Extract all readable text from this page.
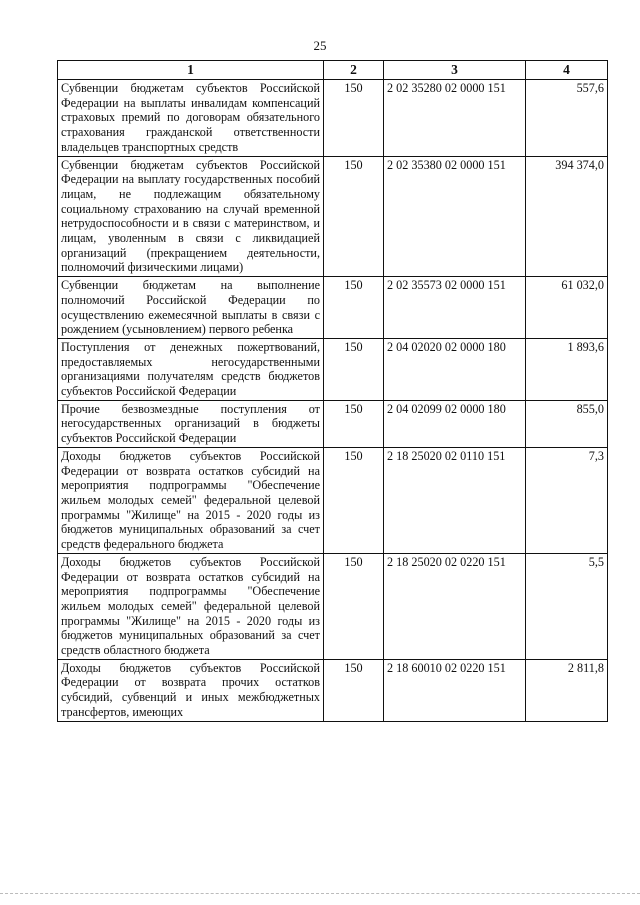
25
1	2	3	4
Субвенции бюджетам субъектов Российской Федерации на выплаты инвалидам компенсаций страховых премий по договорам обязательного страхования гражданской ответственности владельцев транспортных средств	150	2 02 35280 02 0000 151	557,6
Субвенции бюджетам субъектов Российской Федерации на выплату государственных пособий лицам, не подлежащим обязательному социальному страхованию на случай временной нетрудоспособности и в связи с материнством, и лицам, уволенным в связи с ликвидацией организаций (прекращением деятельности, полномочий физическими лицами)	150	2 02 35380 02 0000 151	394 374,0
Субвенции бюджетам на выполнение полномочий Российской Федерации по осуществлению ежемесячной выплаты в связи с рождением (усыновлением) первого ребенка	150	2 02 35573 02 0000 151	61 032,0
Поступления от денежных пожертвований, предоставляемых негосударственными организациями получателям средств бюджетов субъектов Российской Федерации	150	2 04 02020 02 0000 180	1 893,6
Прочие безвозмездные поступления от негосударственных организаций в бюджеты субъектов Российской Федерации	150	2 04 02099 02 0000 180	855,0
Доходы бюджетов субъектов Российской Федерации от возврата остатков субсидий на мероприятия подпрограммы "Обеспечение жильем молодых семей" федеральной целевой программы "Жилище" на 2015 - 2020 годы из бюджетов муниципальных образований за счет средств федерального бюджета	150	2 18 25020 02 0110 151	7,3
Доходы бюджетов субъектов Российской Федерации от возврата остатков субсидий на мероприятия подпрограммы "Обеспечение жильем молодых семей" федеральной целевой программы "Жилище" на 2015 - 2020 годы из бюджетов муниципальных образований за счет средств областного бюджета	150	2 18 25020 02 0220 151	5,5
Доходы бюджетов субъектов Российской Федерации от возврата прочих остатков субсидий, субвенций и иных межбюджетных трансфертов, имеющих	150	2 18 60010 02 0220 151	2 811,8
